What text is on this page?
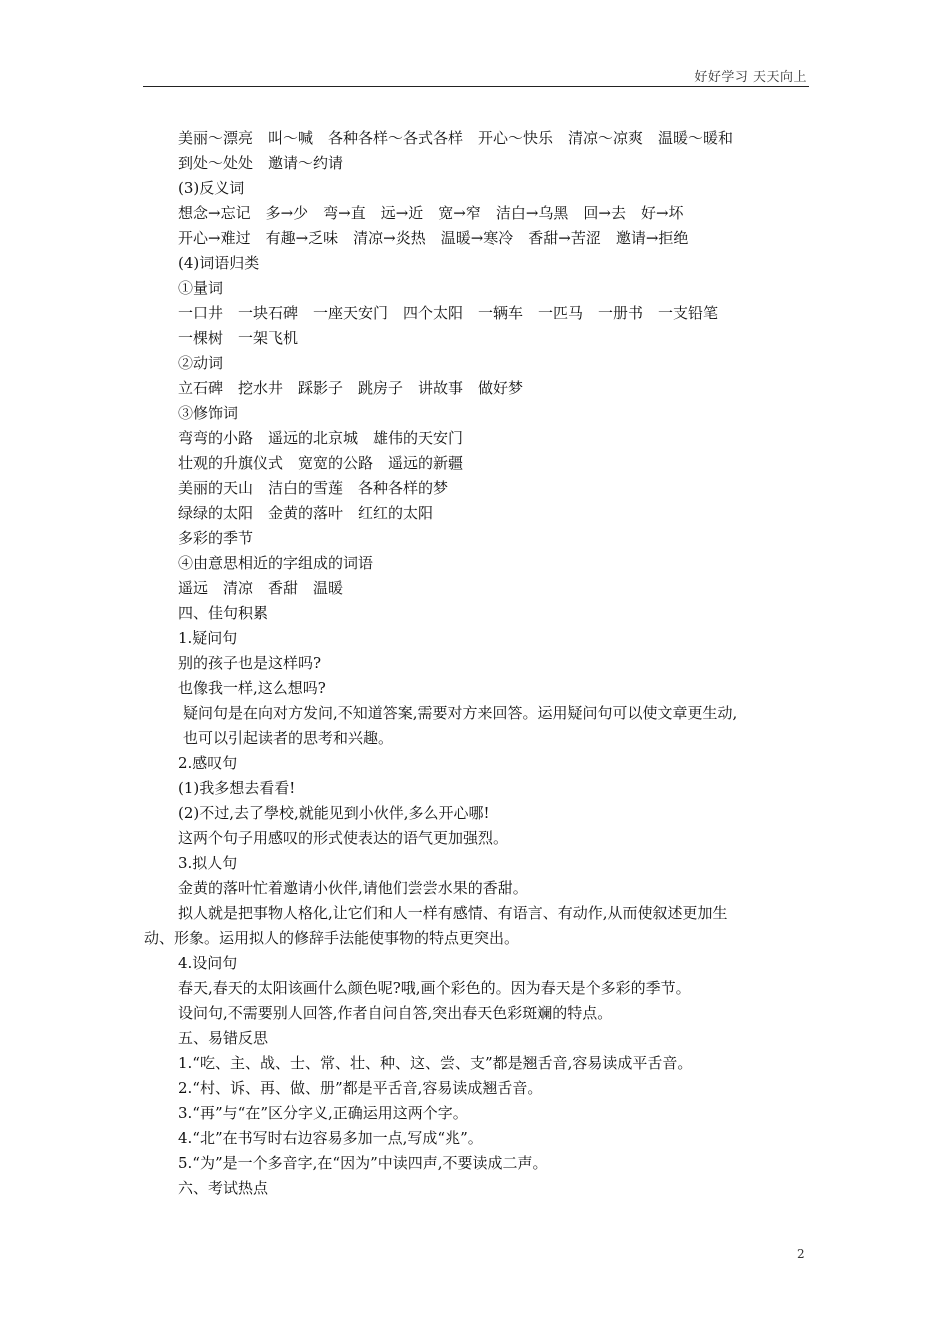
好好学习 天天向上
美丽～漂亮　叫～喊　各种各样～各式各样　开心～快乐　清凉～凉爽　温暖～暖和
到处～处处　邀请～约请
(3)反义词
想念→忘记　多→少　弯→直　远→近　宽→窄　洁白→乌黑　回→去　好→坏
开心→难过　有趣→乏味　清凉→炎热　温暖→寒冷　香甜→苦涩　邀请→拒绝
(4)词语归类
①量词
一口井　一块石碑　一座天安门　四个太阳　一辆车　一匹马　一册书　一支铅笔
一棵树　一架飞机
②动词
立石碑　挖水井　踩影子　跳房子　讲故事　做好梦
③修饰词
弯弯的小路　遥远的北京城　雄伟的天安门
壮观的升旗仪式　宽宽的公路　遥远的新疆
美丽的天山　洁白的雪莲　各种各样的梦
绿绿的太阳　金黄的落叶　红红的太阳
多彩的季节
④由意思相近的字组成的词语
遥远　清凉　香甜　温暖
四、佳句积累
1.疑问句
别的孩子也是这样吗?
也像我一样,这么想吗?
疑问句是在向对方发问,不知道答案,需要对方来回答。运用疑问句可以使文章更生动,
也可以引起读者的思考和兴趣。
2.感叹句
(1)我多想去看看!
(2)不过,去了學校,就能见到小伙伴,多么开心哪!
这两个句子用感叹的形式使表达的语气更加强烈。
3.拟人句
金黄的落叶忙着邀请小伙伴,请他们尝尝水果的香甜。
拟人就是把事物人格化,让它们和人一样有感情、有语言、有动作,从而使叙述更加生
动、形象。运用拟人的修辞手法能使事物的特点更突出。
4.设问句
春天,春天的太阳该画什么颜色呢?哦,画个彩色的。因为春天是个多彩的季节。
设问句,不需要别人回答,作者自问自答,突出春天色彩斑斓的特点。
五、易错反思
1.“吃、主、战、士、常、壮、种、这、尝、支”都是翘舌音,容易读成平舌音。
2.“村、诉、再、做、册”都是平舌音,容易读成翘舌音。
3.“再”与“在”区分字义,正确运用这两个字。
4.“北”在书写时右边容易多加一点,写成“兆”。
5.“为”是一个多音字,在“因为”中读四声,不要读成二声。
六、考试热点
2
